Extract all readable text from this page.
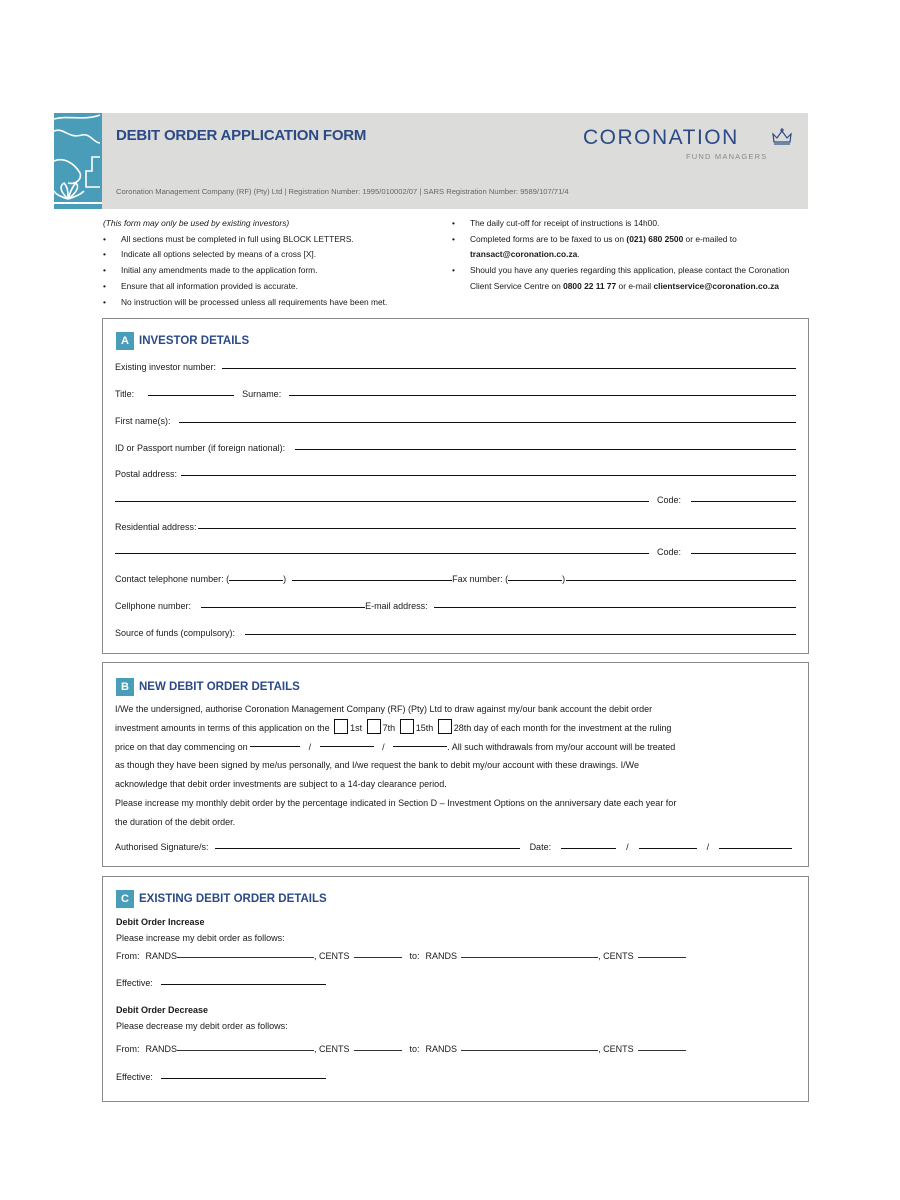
DEBIT ORDER APPLICATION FORM
Coronation Management Company (RF) (Pty) Ltd | Registration Number: 1995/010002/07 | SARS Registration Number: 9589/107/71/4
CORONATION
FUND MANAGERS
(This form may only be used by existing investors)
• All sections must be completed in full using BLOCK LETTERS.
• Indicate all options selected by means of a cross [X].
• Initial any amendments made to the application form.
• Ensure that all information provided is accurate.
• No instruction will be processed unless all requirements have been met.
• The daily cut-off for receipt of instructions is 14h00.
• Completed forms are to be faxed to us on (021) 680 2500 or e-mailed to transact@coronation.co.za.
• Should you have any queries regarding this application, please contact the Coronation Client Service Centre on 0800 22 11 77 or e-mail clientservice@coronation.co.za
A INVESTOR DETAILS
Existing investor number:
Title:	Surname:
First name(s):
ID or Passport number (if foreign national):
Postal address:
Code:
Residential address:
Code:
Contact telephone number: (	)	Fax number: (	)
Cellphone number:	E-mail address:
Source of funds (compulsory):
B NEW DEBIT ORDER DETAILS
I/We the undersigned, authorise Coronation Management Company (RF) (Pty) Ltd to draw against my/our bank account the debit order
investment amounts in terms of this application on the 1st 7th 15th 28th day of each month for the investment at the ruling
price on that day commencing on	/	/	. All such withdrawals from my/our account will be treated
as though they have been signed by me/us personally, and I/we request the bank to debit my/our account with these drawings. I/We
acknowledge that debit order investments are subject to a 14-day clearance period.
Please increase my monthly debit order by the percentage indicated in Section D – Investment Options on the anniversary date each year for
the duration of the debit order.
Authorised Signature/s:	Date:	/	/
C EXISTING DEBIT ORDER DETAILS
Debit Order Increase
Please increase my debit order as follows:
From: RANDS	, CENTS	to: RANDS	, CENTS
Effective:
Debit Order Decrease
Please decrease my debit order as follows:
From: RANDS	, CENTS	to: RANDS	, CENTS
Effective:
